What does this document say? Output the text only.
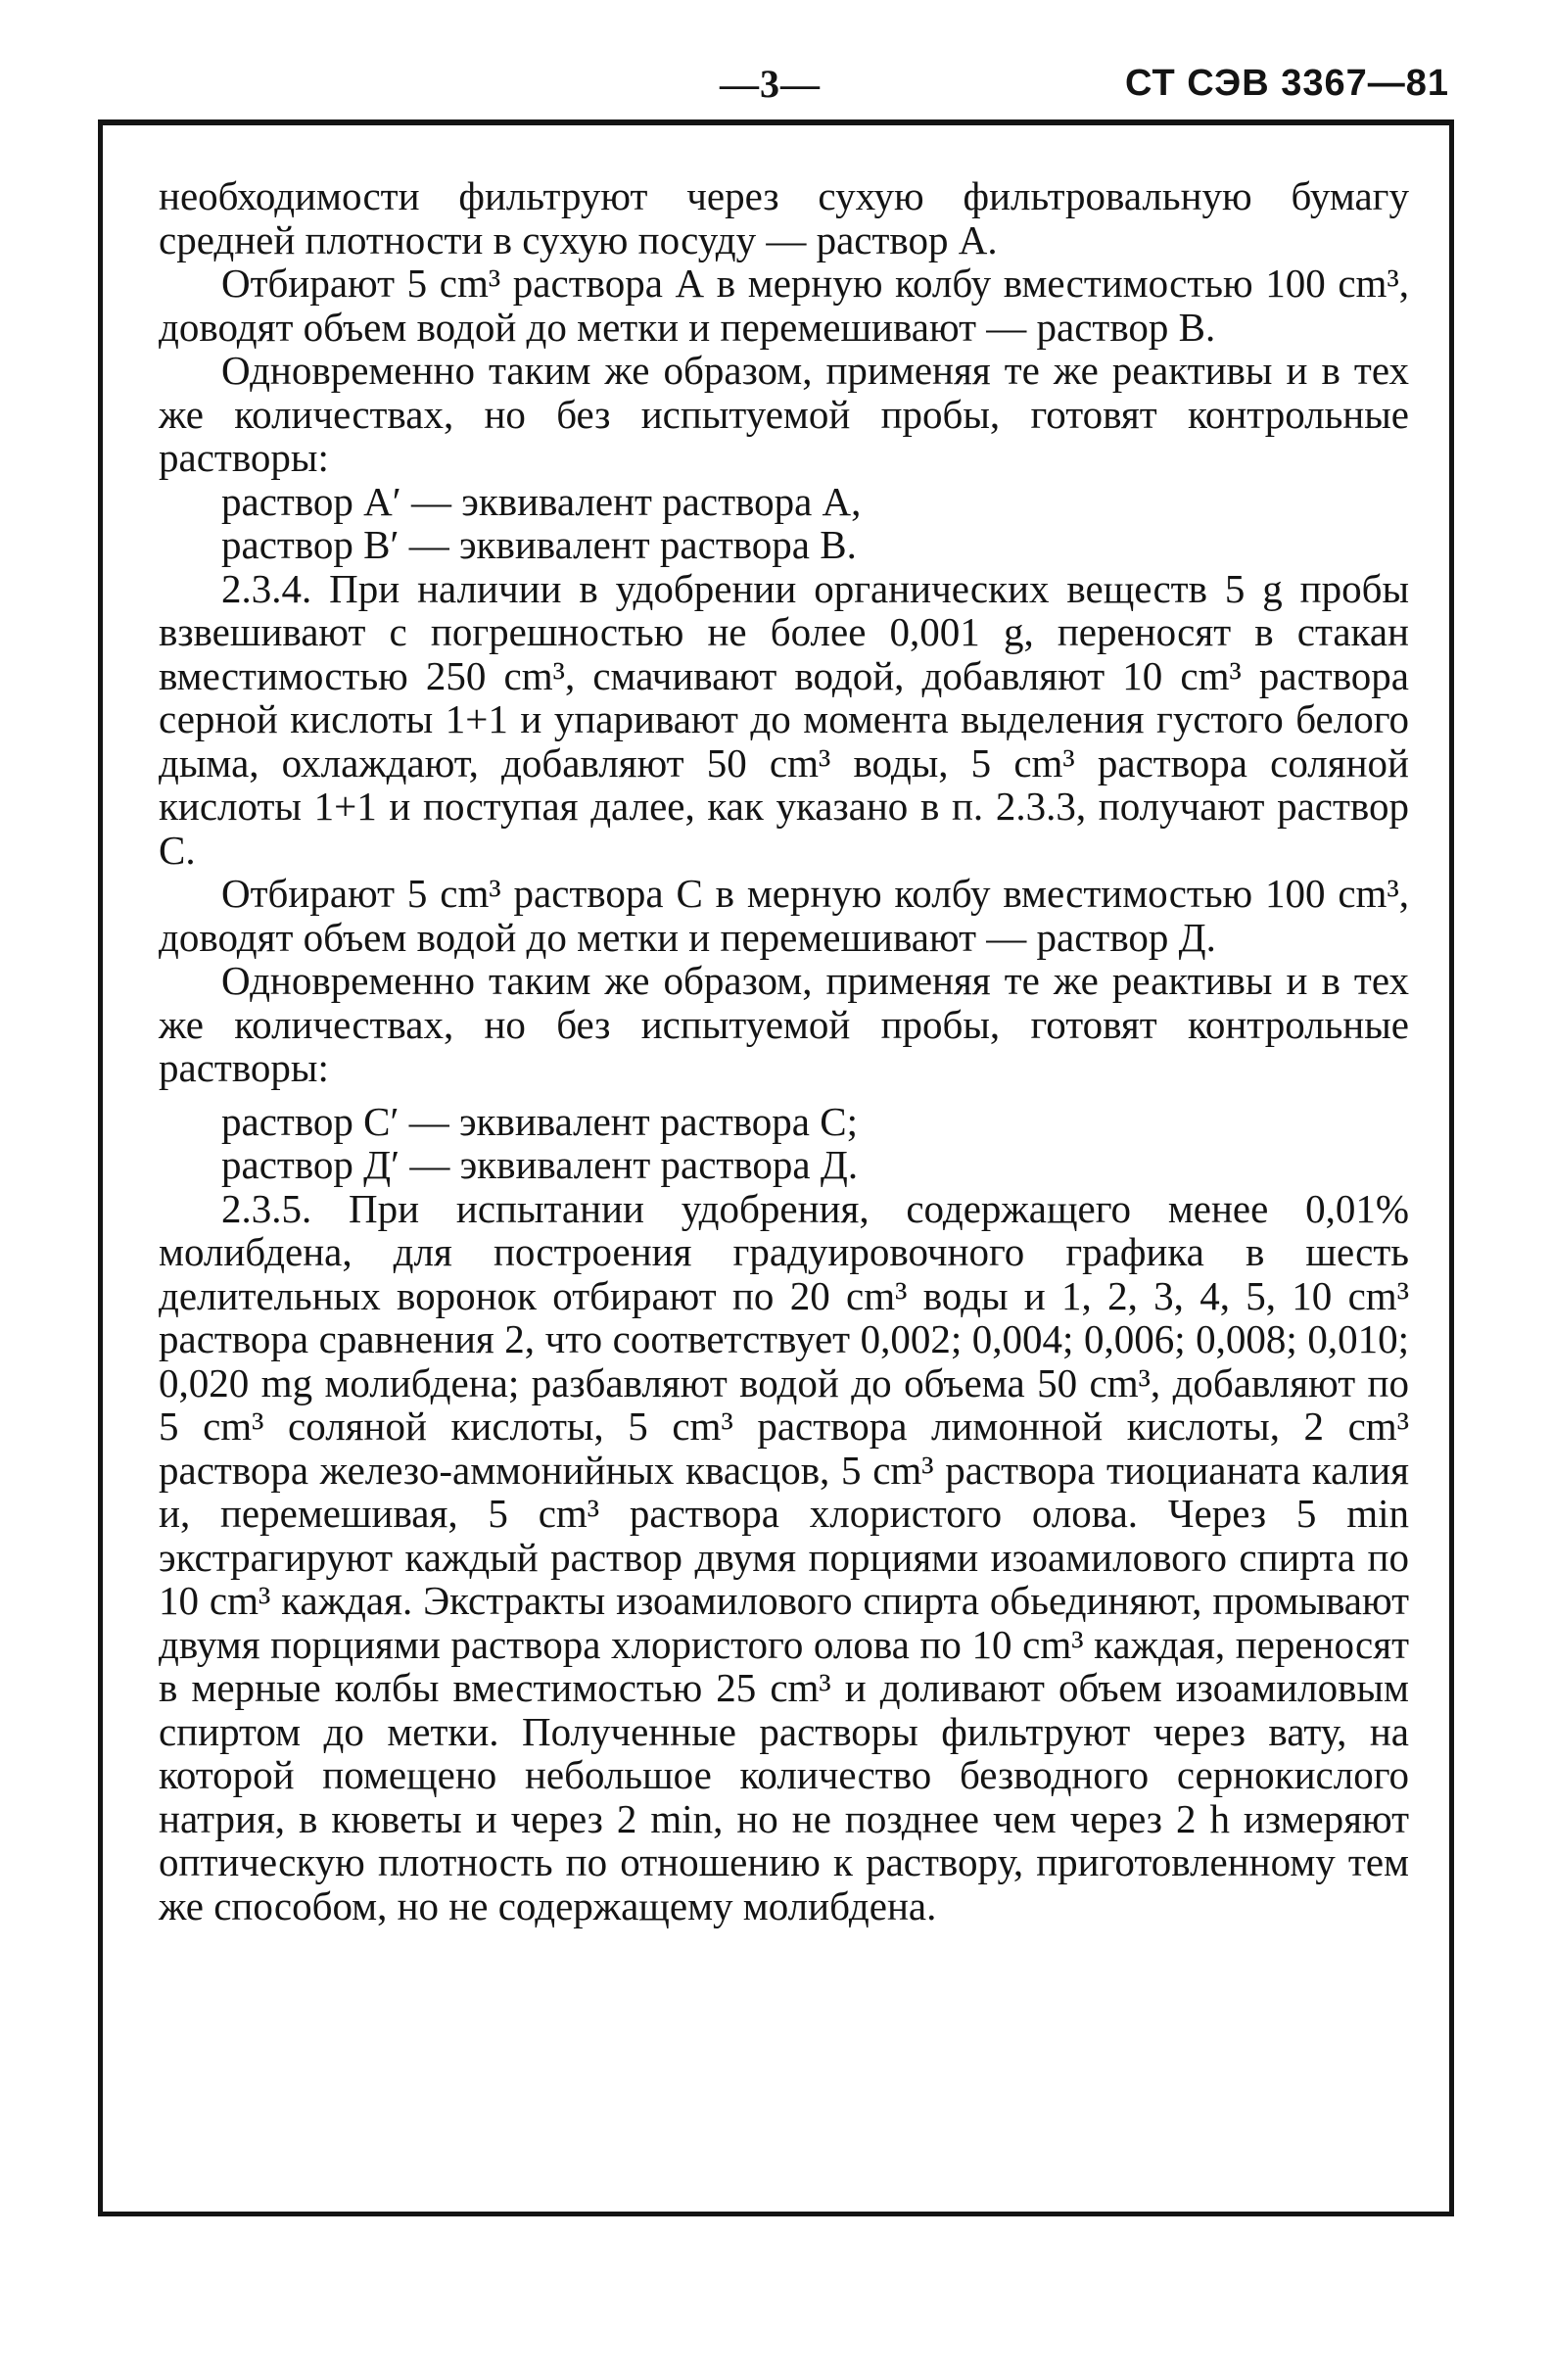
—3—	СТ СЭВ 3367—81

необходимости фильтруют через сухую фильтровальную бумагу средней плотности в сухую посуду — раствор А.

Отбирают 5 cm³ раствора А в мерную колбу вместимостью 100 cm³, доводят объем водой до метки и перемешивают — раствор В.

Одновременно таким же образом, применяя те же реактивы и в тех же количествах, но без испытуемой пробы, готовят контрольные растворы:

раствор А′ — эквивалент раствора А,

раствор В′ — эквивалент раствора В.

2.3.4. При наличии в удобрении органических веществ 5 g пробы взвешивают с погрешностью не более 0,001 g, переносят в стакан вместимостью 250 cm³, смачивают водой, добавляют 10 cm³ раствора серной кислоты 1+1 и упаривают до момента выделения густого белого дыма, охлаждают, добавляют 50 cm³ воды, 5 cm³ раствора соляной кислоты 1+1 и поступая далее, как указано в п. 2.3.3, получают раствор С.

Отбирают 5 cm³ раствора С в мерную колбу вместимостью 100 cm³, доводят объем водой до метки и перемешивают — раствор Д.

Одновременно таким же образом, применяя те же реактивы и в тех же количествах, но без испытуемой пробы, готовят контрольные растворы:

раствор С′ — эквивалент раствора С;

раствор Д′ — эквивалент раствора Д.

2.3.5. При испытании удобрения, содержащего менее 0,01% молибдена, для построения градуировочного графика в шесть делительных воронок отбирают по 20 cm³ воды и 1, 2, 3, 4, 5, 10 cm³ раствора сравнения 2, что соответствует 0,002; 0,004; 0,006; 0,008; 0,010; 0,020 mg молибдена; разбавляют водой до объема 50 cm³, добавляют по 5 cm³ соляной кислоты, 5 cm³ раствора лимонной кислоты, 2 cm³ раствора железо-аммонийных квасцов, 5 cm³ раствора тиоцианата калия и, перемешивая, 5 cm³ раствора хлористого олова. Через 5 min экстрагируют каждый раствор двумя порциями изоамилового спирта по 10 cm³ каждая. Экстракты изоамилового спирта обьединяют, промывают двумя порциями раствора хлористого олова по 10 cm³ каждая, переносят в мерные колбы вместимостью 25 cm³ и доливают объем изоамиловым спиртом до метки. Полученные растворы фильтруют через вату, на которой помещено небольшое количество безводного сернокислого натрия, в кюветы и через 2 min, но не позднее чем через 2 h измеряют оптическую плотность по отношению к раствору, приготовленному тем же способом, но не содержащему молибдена.
